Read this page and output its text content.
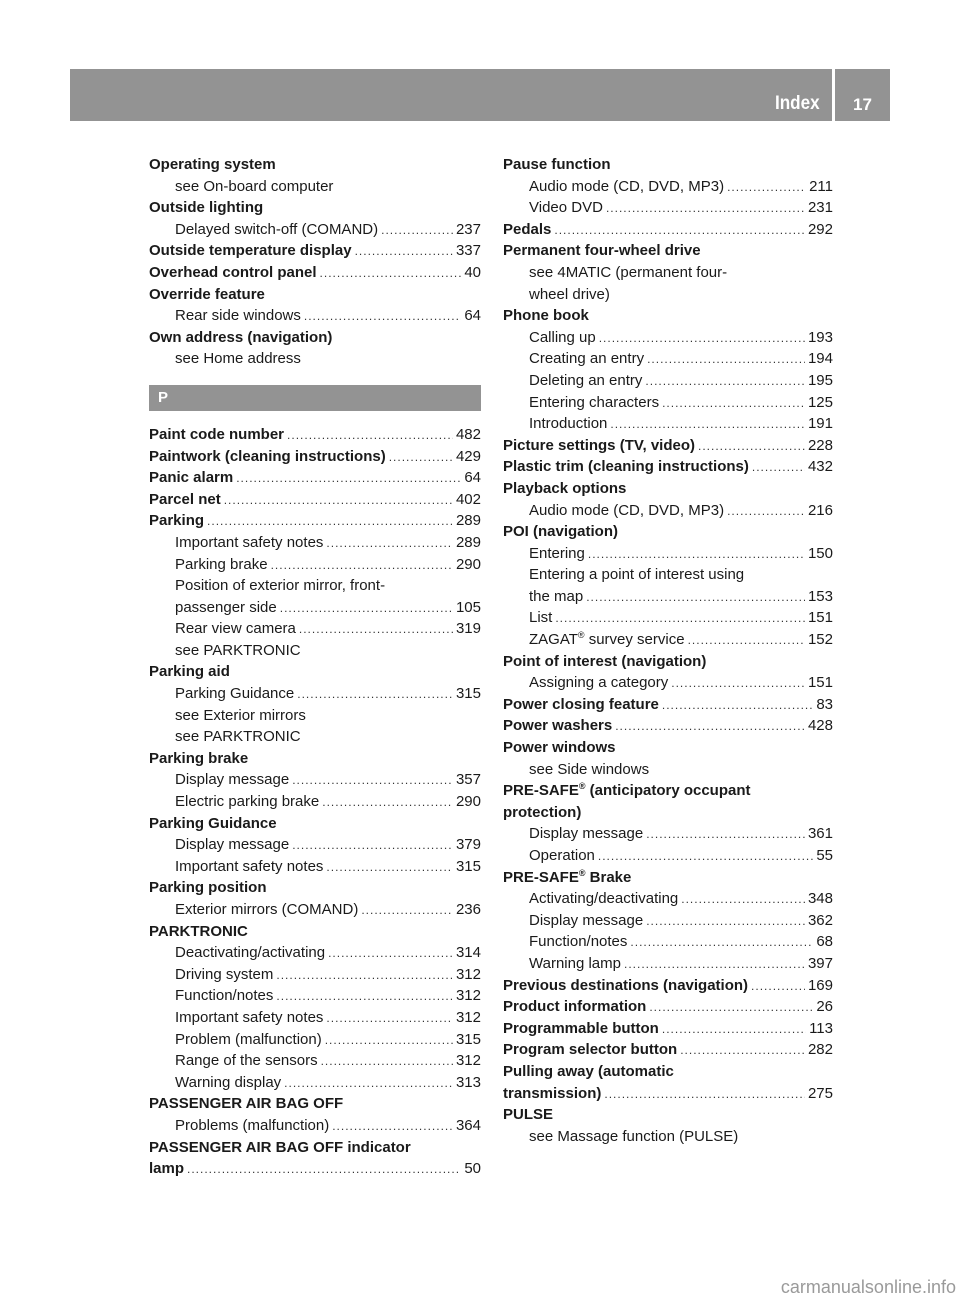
Index	17
Operating system
see On-board computer
Outside lighting
Delayed switch-off (COMAND) .....	237
Outside temperature display .....	337
Overhead control panel .....	40
Override feature
Rear side windows .....	64
Own address (navigation)
see Home address
P
Paint code number .....	482
Paintwork (cleaning instructions) .....	429
Panic alarm .....	64
Parcel net .....	402
Parking .....	289
Important safety notes .....	289
Parking brake .....	290
Position of exterior mirror, front-
passenger side .....	105
Rear view camera .....	319
see PARKTRONIC
Parking aid
Parking Guidance .....	315
see Exterior mirrors
see PARKTRONIC
Parking brake
Display message .....	357
Electric parking brake .....	290
Parking Guidance
Display message .....	379
Important safety notes .....	315
Parking position
Exterior mirrors (COMAND) .....	236
PARKTRONIC
Deactivating/activating .....	314
Driving system .....	312
Function/notes .....	312
Important safety notes .....	312
Problem (malfunction) .....	315
Range of the sensors .....	312
Warning display .....	313
PASSENGER AIR BAG OFF
Problems (malfunction) .....	364
PASSENGER AIR BAG OFF indicator
lamp .....	50
Pause function
Audio mode (CD, DVD, MP3) .....	211
Video DVD .....	231
Pedals .....	292
Permanent four-wheel drive
see 4MATIC (permanent four-
wheel drive)
Phone book
Calling up .....	193
Creating an entry .....	194
Deleting an entry .....	195
Entering characters .....	125
Introduction .....	191
Picture settings (TV, video) .....	228
Plastic trim (cleaning instructions) .....	432
Playback options
Audio mode (CD, DVD, MP3) .....	216
POI (navigation)
Entering .....	150
Entering a point of interest using
the map .....	153
List .....	151
ZAGAT® survey service .....	152
Point of interest (navigation)
Assigning a category .....	151
Power closing feature .....	83
Power washers .....	428
Power windows
see Side windows
PRE-SAFE® (anticipatory occupant
protection)
Display message .....	361
Operation .....	55
PRE-SAFE® Brake
Activating/deactivating .....	348
Display message .....	362
Function/notes .....	68
Warning lamp .....	397
Previous destinations (navigation) .....	169
Product information .....	26
Programmable button .....	113
Program selector button .....	282
Pulling away (automatic
transmission) .....	275
PULSE
see Massage function (PULSE)
carmanualsonline.info
